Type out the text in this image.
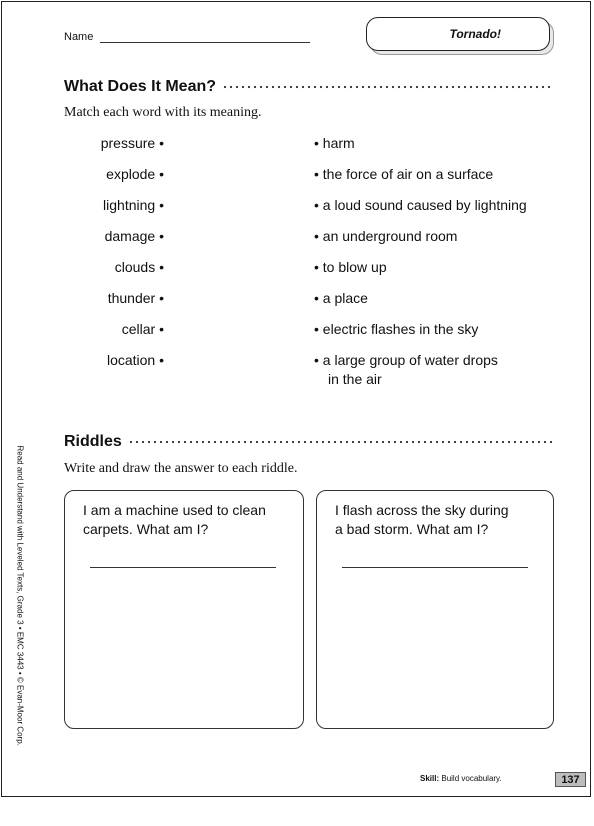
Name	Tornado!
What Does It Mean?
Match each word with its meaning.
pressure •
explode •
lightning •
damage •
clouds •
thunder •
cellar •
location •
• harm
• the force of air on a surface
• a loud sound caused by lightning
• an underground room
• to blow up
• a place
• electric flashes in the sky
• a large group of water drops
in the air
Riddles
Write and draw the answer to each riddle.
I am a machine used to clean
carpets. What am I?
I flash across the sky during
a bad storm. What am I?
Read and Understand with Leveled Texts, Grade 3 • EMC 3443 • © Evan-Moor Corp.
Skill: Build vocabulary.	137
